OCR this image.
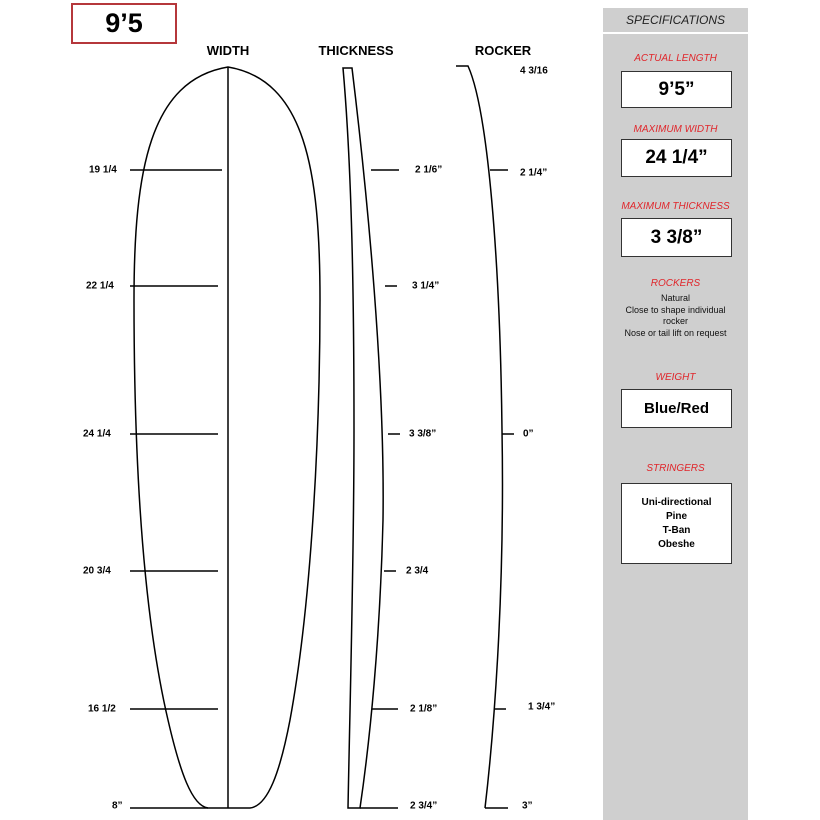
9’5
WIDTH	THICKNESS	ROCKER
19 1/4
22 1/4
24 1/4
20 3/4
16 1/2
8”
2 1/6”
3 1/4”
3 3/8”
2 3/4
2 1/8”
2 3/4”
4 3/16
2 1/4”
0”
1 3/4”
3”
SPECIFICATIONS
ACTUAL LENGTH
9’5”
MAXIMUM WIDTH
24 1/4”
MAXIMUM THICKNESS
3 3/8”
ROCKERS
Natural
Close to shape individual
rocker
Nose or tail lift on request
WEIGHT
Blue/Red
STRINGERS
Uni-directional
Pine
T-Ban
Obeshe
